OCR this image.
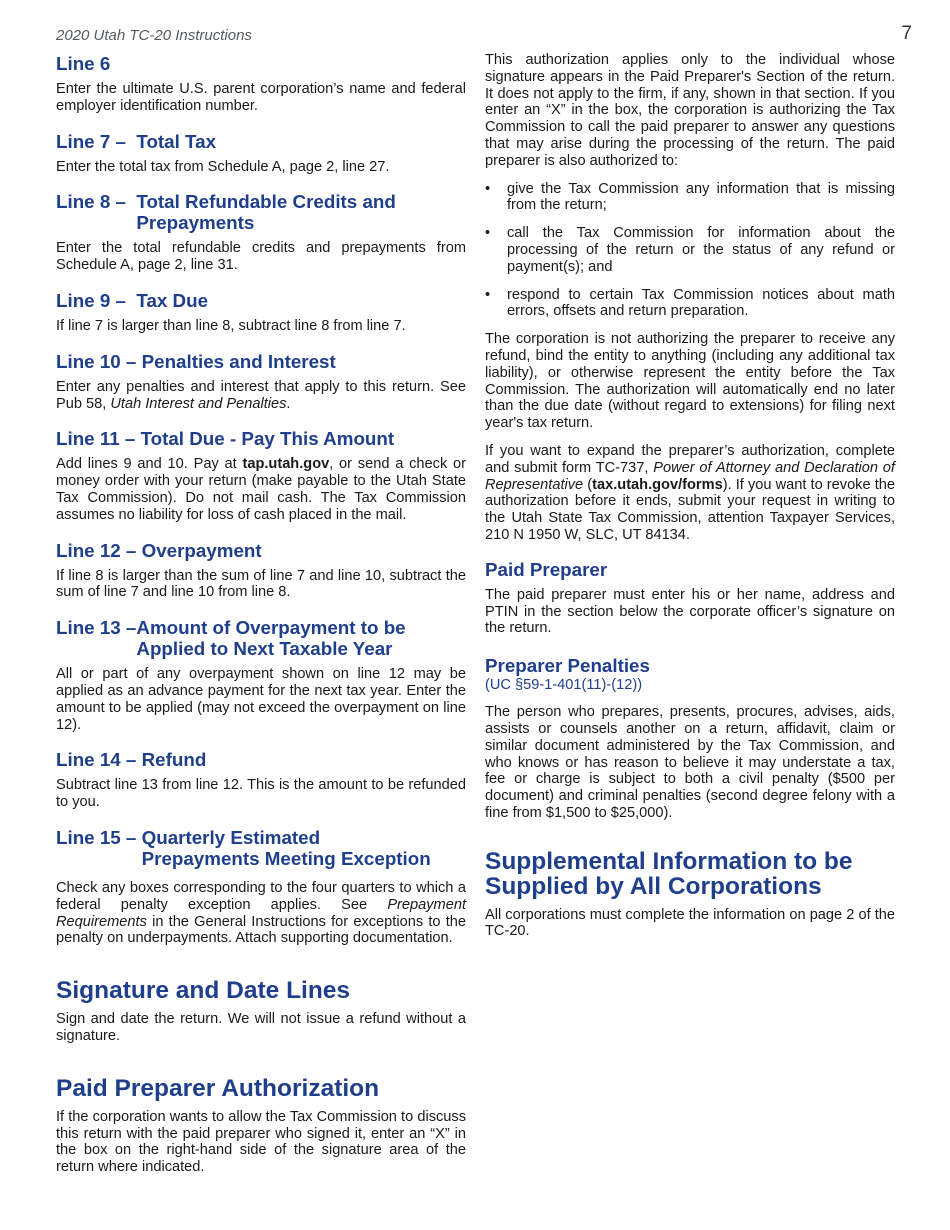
2020 Utah TC-20 Instructions	7
Line 6

Enter the ultimate U.S. parent corporation’s name and federal employer identification number.

Line 7 – Total Tax

Enter the total tax from Schedule A, page 2, line 27.

Line 8 – Total Refundable Credits and Prepayments

Enter the total refundable credits and prepayments from Schedule A, page 2, line 31.

Line 9 – Tax Due

If line 7 is larger than line 8, subtract line 8 from line 7.

Line 10 – Penalties and Interest

Enter any penalties and interest that apply to this return. See Pub 58, Utah Interest and Penalties.

Line 11 – Total Due - Pay This Amount

Add lines 9 and 10. Pay at tap.utah.gov, or send a check or money order with your return (make payable to the Utah State Tax Commission). Do not mail cash. The Tax Commission assumes no liability for loss of cash placed in the mail.

Line 12 – Overpayment

If line 8 is larger than the sum of line 7 and line 10, subtract the sum of line 7 and line 10 from line 8.

Line 13 – Amount of Overpayment to be Applied to Next Taxable Year

All or part of any overpayment shown on line 12 may be applied as an advance payment for the next tax year. Enter the amount to be applied (may not exceed the overpayment on line 12).

Line 14 – Refund

Subtract line 13 from line 12. This is the amount to be refunded to you.

Line 15 – Quarterly Estimated Prepayments Meeting Exception

Check any boxes corresponding to the four quarters to which a federal penalty exception applies. See Prepayment Requirements in the General Instructions for exceptions to the penalty on underpayments. Attach supporting documentation.

Signature and Date Lines

Sign and date the return. We will not issue a refund without a signature.

Paid Preparer Authorization

If the corporation wants to allow the Tax Commission to discuss this return with the paid preparer who signed it, enter an “X” in the box on the right-hand side of the signature area of the return where indicated.

This authorization applies only to the individual whose signature appears in the Paid Preparer's Section of the return. It does not apply to the firm, if any, shown in that section. If you enter an “X” in the box, the corporation is authorizing the Tax Commission to call the paid preparer to answer any questions that may arise during the processing of the return. The paid preparer is also authorized to:

• give the Tax Commission any information that is missing from the return;
• call the Tax Commission for information about the processing of the return or the status of any refund or payment(s); and
• respond to certain Tax Commission notices about math errors, offsets and return preparation.

The corporation is not authorizing the preparer to receive any refund, bind the entity to anything (including any additional tax liability), or otherwise represent the entity before the Tax Commission. The authorization will automatically end no later than the due date (without regard to extensions) for filing next year's tax return.

If you want to expand the preparer’s authorization, complete and submit form TC-737, Power of Attorney and Declaration of Representative (tax.utah.gov/forms). If you want to revoke the authorization before it ends, submit your request in writing to the Utah State Tax Commission, attention Taxpayer Services, 210 N 1950 W, SLC, UT 84134.

Paid Preparer

The paid preparer must enter his or her name, address and PTIN in the section below the corporate officer’s signature on the return.

Preparer Penalties
(UC §59-1-401(11)-(12))

The person who prepares, presents, procures, advises, aids, assists or counsels another on a return, affidavit, claim or similar document administered by the Tax Commission, and who knows or has reason to believe it may understate a tax, fee or charge is subject to both a civil penalty ($500 per document) and criminal penalties (second degree felony with a fine from $1,500 to $25,000).

Supplemental Information to be Supplied by All Corporations

All corporations must complete the information on page 2 of the TC-20.
